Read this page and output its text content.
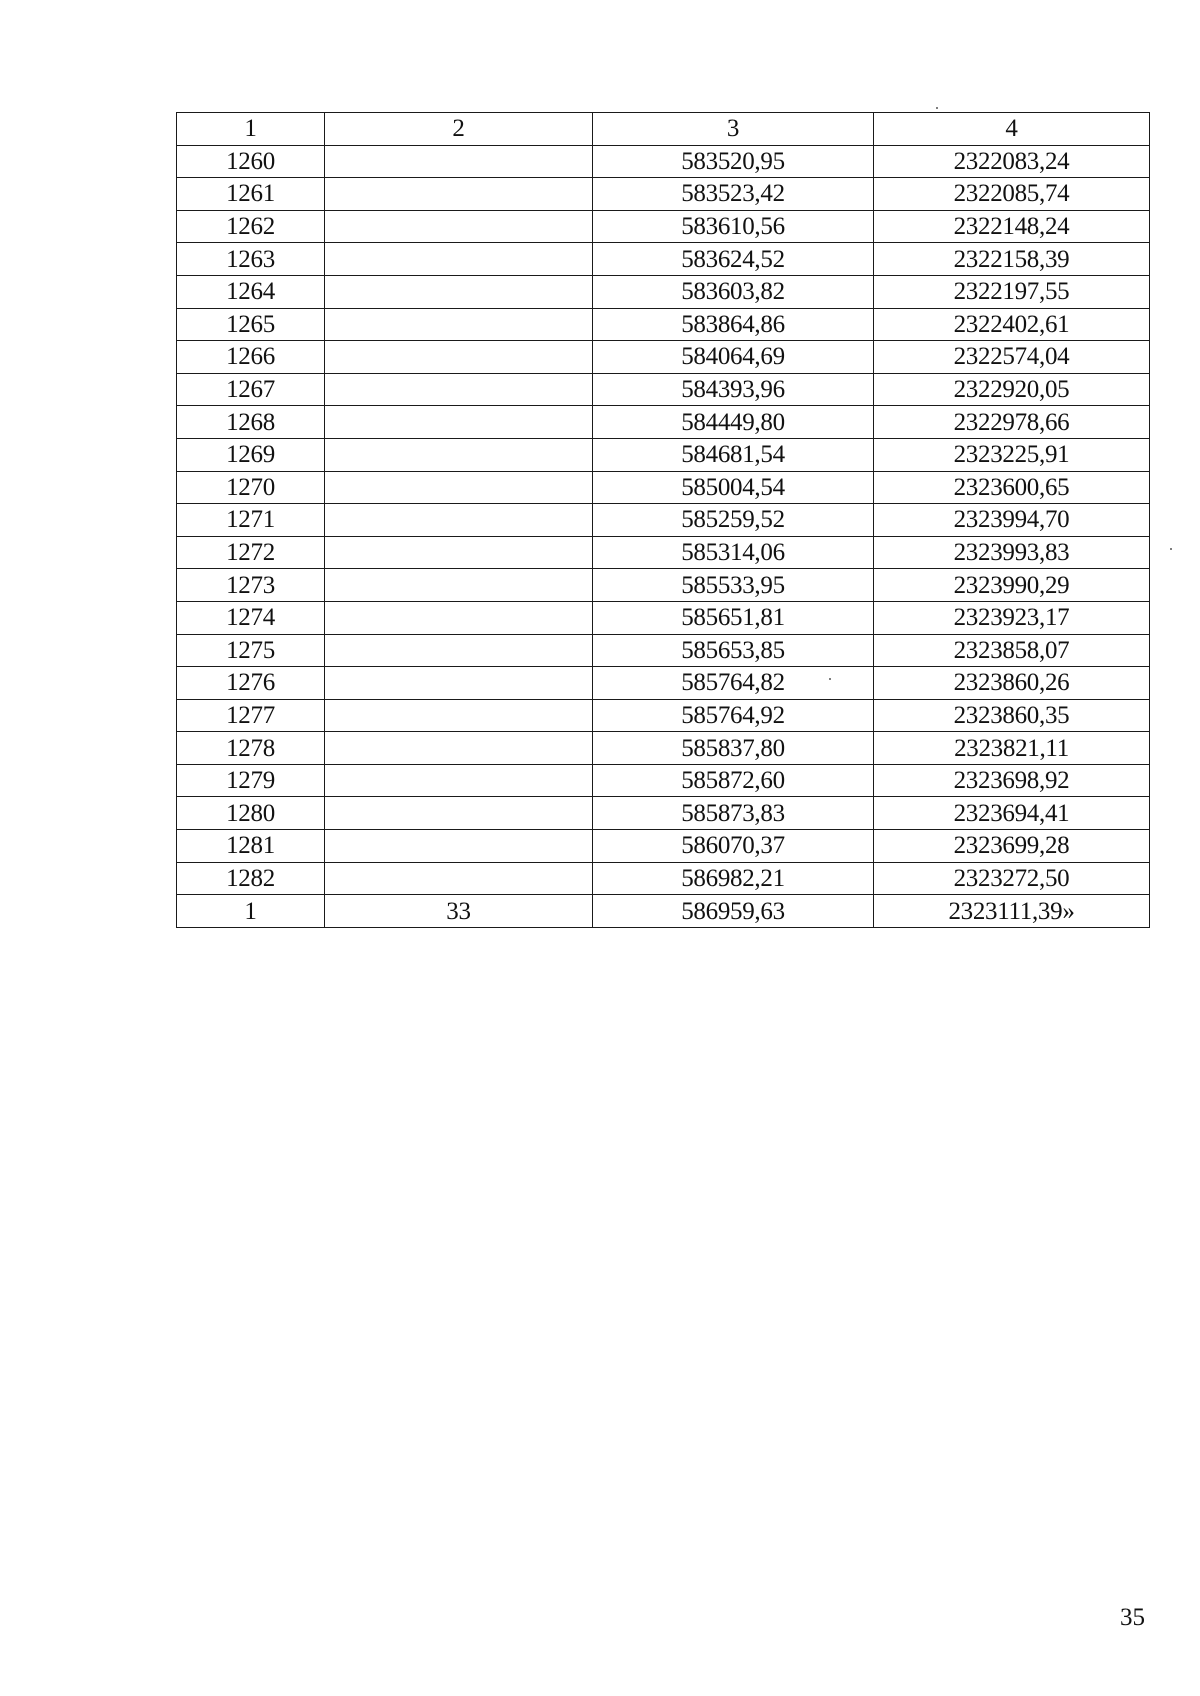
1	2	3	4
1260		583520,95	2322083,24
1261		583523,42	2322085,74
1262		583610,56	2322148,24
1263		583624,52	2322158,39
1264		583603,82	2322197,55
1265		583864,86	2322402,61
1266		584064,69	2322574,04
1267		584393,96	2322920,05
1268		584449,80	2322978,66
1269		584681,54	2323225,91
1270		585004,54	2323600,65
1271		585259,52	2323994,70
1272		585314,06	2323993,83
1273		585533,95	2323990,29
1274		585651,81	2323923,17
1275		585653,85	2323858,07
1276		585764,82	2323860,26
1277		585764,92	2323860,35
1278		585837,80	2323821,11
1279		585872,60	2323698,92
1280		585873,83	2323694,41
1281		586070,37	2323699,28
1282		586982,21	2323272,50
1	33	586959,63	2323111,39»
35
